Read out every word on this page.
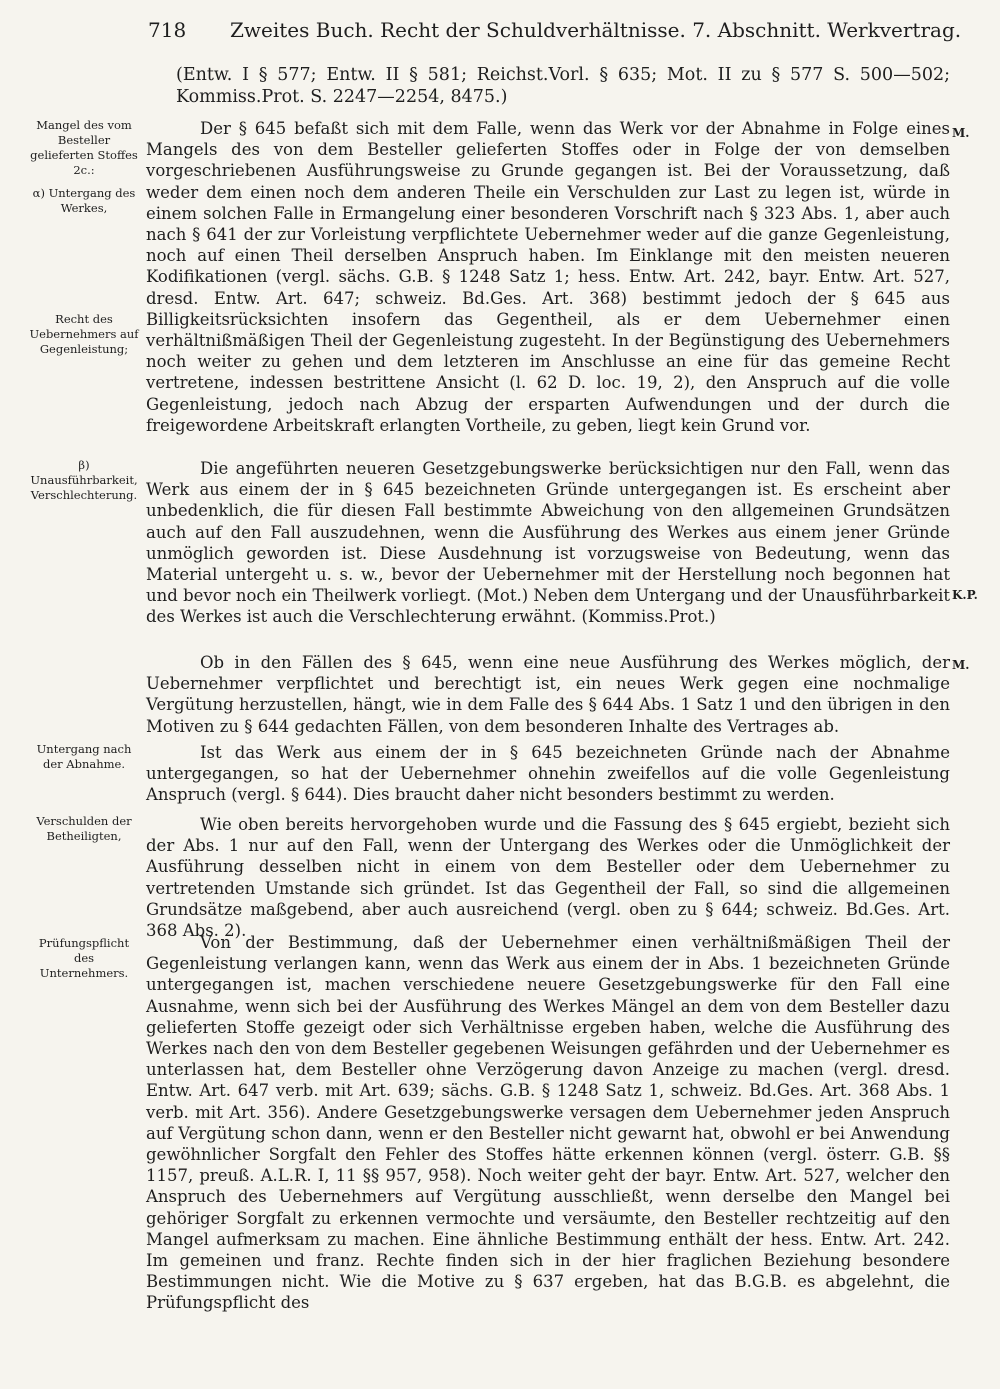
718 Zweites Buch. Recht der Schuldverhältnisse. 7. Abschnitt. Werkvertrag.

(Entw. I § 577; Entw. II § 581; Reichst.Vorl. § 635; Mot. II zu § 577 S. 500—502; Kommiss.Prot. S. 2247—2254, 8475.)

Mangel des vom Besteller gelieferten Stoffes 2c.:

α) Untergang des Werkes,

Recht des Uebernehmers auf Gegenleistung;

β) Unausführbarkeit, Verschlechterung.

Untergang nach der Abnahme.

Verschulden der Betheiligten,

Prüfungspflicht des Unternehmers.

M.
K.P.
M.

Der § 645 befaßt sich mit dem Falle, wenn das Werk vor der Abnahme in Folge eines Mangels des von dem Besteller gelieferten Stoffes oder in Folge der von demselben vorgeschriebenen Ausführungsweise zu Grunde gegangen ist. Bei der Voraussetzung, daß weder dem einen noch dem anderen Theile ein Verschulden zur Last zu legen ist, würde in einem solchen Falle in Ermangelung einer besonderen Vorschrift nach § 323 Abs. 1, aber auch nach § 641 der zur Vorleistung verpflichtete Uebernehmer weder auf die ganze Gegenleistung, noch auf einen Theil derselben Anspruch haben. Im Einklange mit den meisten neueren Kodifikationen (vergl. sächs. G.B. § 1248 Satz 1; hess. Entw. Art. 242, bayr. Entw. Art. 527, dresd. Entw. Art. 647; schweiz. Bd.Ges. Art. 368) bestimmt jedoch der § 645 aus Billigkeitsrücksichten insofern das Gegentheil, als er dem Uebernehmer einen verhältnißmäßigen Theil der Gegenleistung zugesteht. In der Begünstigung des Uebernehmers noch weiter zu gehen und dem letzteren im Anschlusse an eine für das gemeine Recht vertretene, indessen bestrittene Ansicht (l. 62 D. loc. 19, 2), den Anspruch auf die volle Gegenleistung, jedoch nach Abzug der ersparten Aufwendungen und der durch die freigewordene Arbeitskraft erlangten Vortheile, zu geben, liegt kein Grund vor.

Die angeführten neueren Gesetzgebungswerke berücksichtigen nur den Fall, wenn das Werk aus einem der in § 645 bezeichneten Gründe untergegangen ist. Es erscheint aber unbedenklich, die für diesen Fall bestimmte Abweichung von den allgemeinen Grundsätzen auch auf den Fall auszudehnen, wenn die Ausführung des Werkes aus einem jener Gründe unmöglich geworden ist. Diese Ausdehnung ist vorzugsweise von Bedeutung, wenn das Material untergeht u. s. w., bevor der Uebernehmer mit der Herstellung noch begonnen hat und bevor noch ein Theilwerk vorliegt. (Mot.) Neben dem Untergang und der Unausführbarkeit des Werkes ist auch die Verschlechterung erwähnt. (Kommiss.Prot.)

Ob in den Fällen des § 645, wenn eine neue Ausführung des Werkes möglich, der Uebernehmer verpflichtet und berechtigt ist, ein neues Werk gegen eine nochmalige Vergütung herzustellen, hängt, wie in dem Falle des § 644 Abs. 1 Satz 1 und den übrigen in den Motiven zu § 644 gedachten Fällen, von dem besonderen Inhalte des Vertrages ab.

Ist das Werk aus einem der in § 645 bezeichneten Gründe nach der Abnahme untergegangen, so hat der Uebernehmer ohnehin zweifellos auf die volle Gegenleistung Anspruch (vergl. § 644). Dies braucht daher nicht besonders bestimmt zu werden.

Wie oben bereits hervorgehoben wurde und die Fassung des § 645 ergiebt, bezieht sich der Abs. 1 nur auf den Fall, wenn der Untergang des Werkes oder die Unmöglichkeit der Ausführung desselben nicht in einem von dem Besteller oder dem Uebernehmer zu vertretenden Umstande sich gründet. Ist das Gegentheil der Fall, so sind die allgemeinen Grundsätze maßgebend, aber auch ausreichend (vergl. oben zu § 644; schweiz. Bd.Ges. Art. 368 Abs. 2).

Von der Bestimmung, daß der Uebernehmer einen verhältnißmäßigen Theil der Gegenleistung verlangen kann, wenn das Werk aus einem der in Abs. 1 bezeichneten Gründe untergegangen ist, machen verschiedene neuere Gesetzgebungswerke für den Fall eine Ausnahme, wenn sich bei der Ausführung des Werkes Mängel an dem von dem Besteller dazu gelieferten Stoffe gezeigt oder sich Verhältnisse ergeben haben, welche die Ausführung des Werkes nach den von dem Besteller gegebenen Weisungen gefährden und der Uebernehmer es unterlassen hat, dem Besteller ohne Verzögerung davon Anzeige zu machen (vergl. dresd. Entw. Art. 647 verb. mit Art. 639; sächs. G.B. § 1248 Satz 1, schweiz. Bd.Ges. Art. 368 Abs. 1 verb. mit Art. 356). Andere Gesetzgebungswerke versagen dem Uebernehmer jeden Anspruch auf Vergütung schon dann, wenn er den Besteller nicht gewarnt hat, obwohl er bei Anwendung gewöhnlicher Sorgfalt den Fehler des Stoffes hätte erkennen können (vergl. österr. G.B. §§ 1157, preuß. A.L.R. I, 11 §§ 957, 958). Noch weiter geht der bayr. Entw. Art. 527, welcher den Anspruch des Uebernehmers auf Vergütung ausschließt, wenn derselbe den Mangel bei gehöriger Sorgfalt zu erkennen vermochte und versäumte, den Besteller rechtzeitig auf den Mangel aufmerksam zu machen. Eine ähnliche Bestimmung enthält der hess. Entw. Art. 242. Im gemeinen und franz. Rechte finden sich in der hier fraglichen Beziehung besondere Bestimmungen nicht. Wie die Motive zu § 637 ergeben, hat das B.G.B. es abgelehnt, die Prüfungspflicht des
